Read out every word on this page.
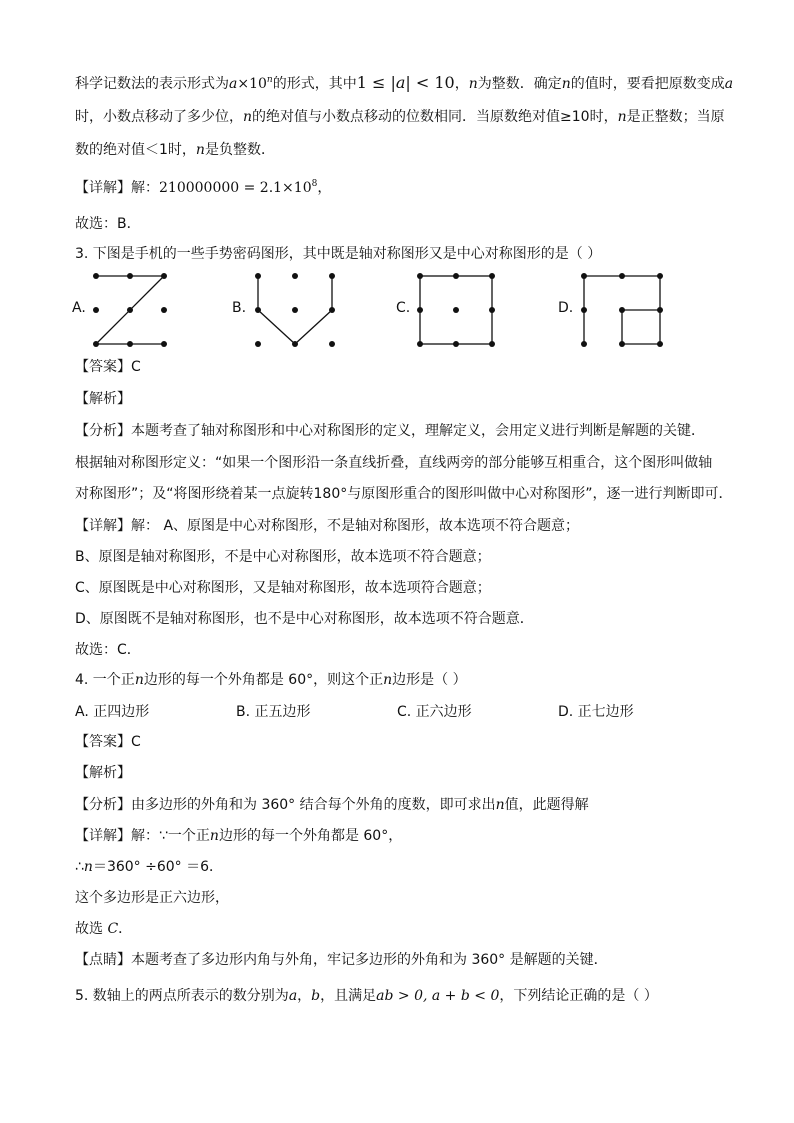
科学记数法的表示形式为$a\times 10^n$的形式，其中1 ≤ |a| < 10，n为整数．确定n的值时，要看把原数变成a
时，小数点移动了多少位，n的绝对值与小数点移动的位数相同．当原数绝对值≥10时，n是正整数；当原
数的绝对值＜1时，n是负整数．
【详解】解：$210000000 = 2.1\times 10^8$，
故选：B．
3. 下图是手机的一些手势密码图形，其中既是轴对称图形又是中心对称图形的是（ ）
A.	B.	C.	D.
【答案】C
【解析】
【分析】本题考查了轴对称图形和中心对称图形的定义，理解定义，会用定义进行判断是解题的关键．
根据轴对称图形定义：“如果一个图形沿一条直线折叠，直线两旁的部分能够互相重合，这个图形叫做轴
对称图形”；及“将图形绕着某一点旋转180°与原图形重合的图形叫做中心对称图形”，逐一进行判断即可．
【详解】解： A、原图是中心对称图形，不是轴对称图形，故本选项不符合题意；
B、原图是轴对称图形，不是中心对称图形，故本选项不符合题意；
C、原图既是中心对称图形，又是轴对称图形，故本选项符合题意；
D、原图既不是轴对称图形，也不是中心对称图形，故本选项不符合题意．
故选：C．
4. 一个正n边形的每一个外角都是 60°，则这个正n边形是（ ）
A. 正四边形	B. 正五边形	C. 正六边形	D. 正七边形
【答案】C
【解析】
【分析】由多边形的外角和为 360° 结合每个外角的度数，即可求出n值，此题得解
【详解】解：∵一个正n边形的每一个外角都是 60°，
∴n＝360° ÷60° ＝6．
这个多边形是正六边形，
故选 C．
【点睛】本题考查了多边形内角与外角，牢记多边形的外角和为 360° 是解题的关键．
5. 数轴上的两点所表示的数分别为a，b，且满足ab > 0, a + b < 0，下列结论正确的是（ ）
